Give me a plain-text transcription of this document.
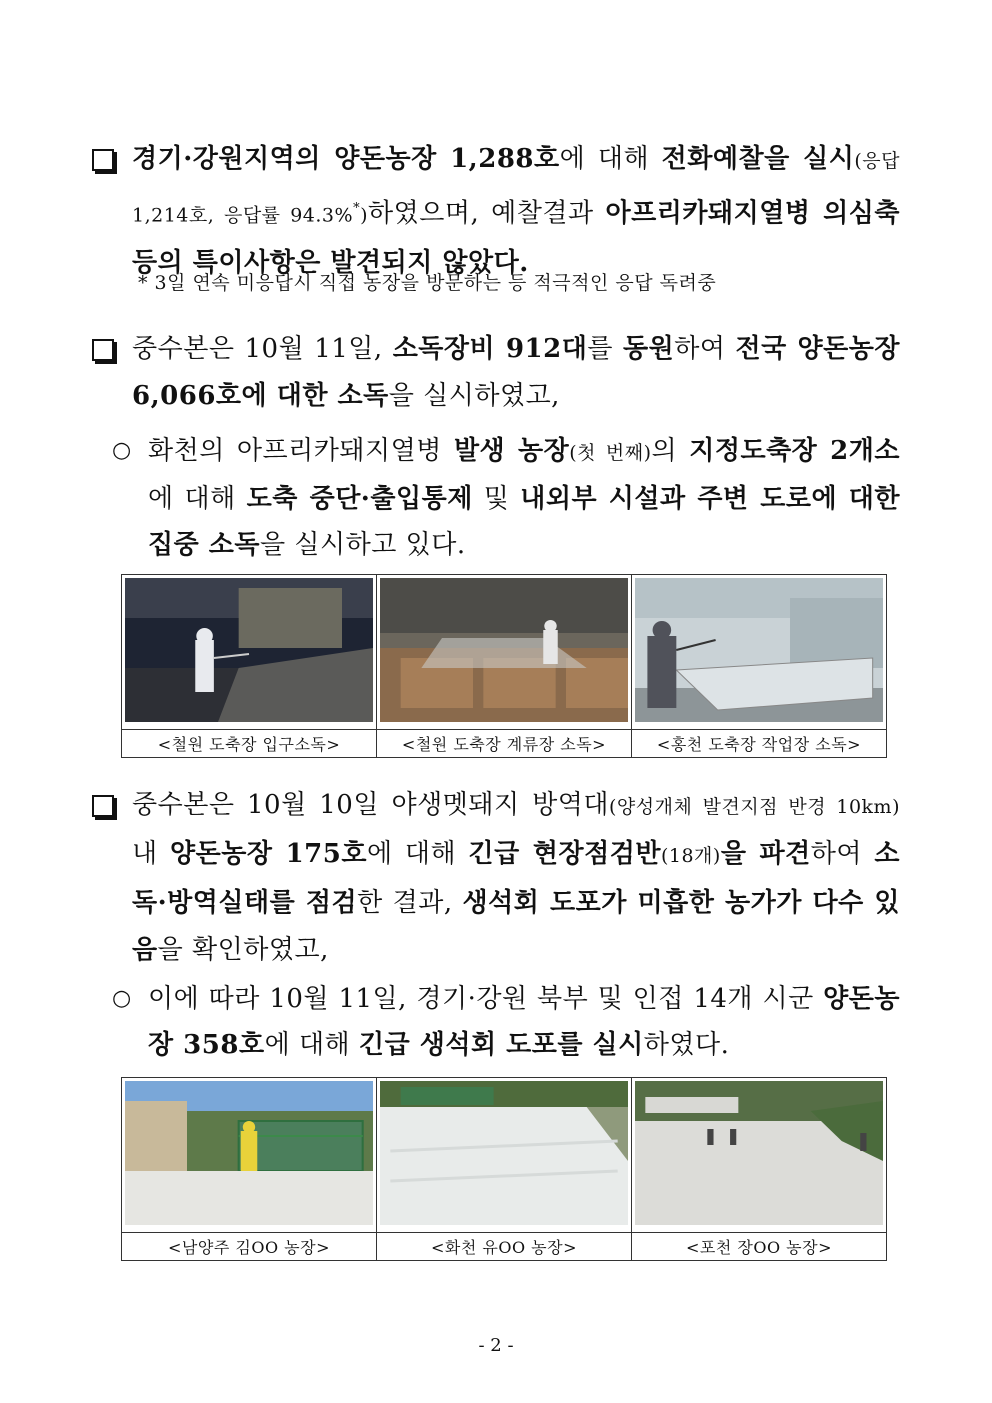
경기·강원지역의 양돈농장 1,288호에 대해 전화예찰을 실시(응답 1,214호, 응답률 94.3%*)하였으며, 예찰결과 아프리카돼지열병 의심축 등의 특이사항은 발견되지 않았다.
* 3일 연속 미응답시 직접 농장을 방문하는 등 적극적인 응답 독려중
중수본은 10월 11일, 소독장비 912대를 동원하여 전국 양돈농장 6,066호에 대한 소독을 실시하였고,
○ 화천의 아프리카돼지열병 발생 농장(첫 번째)의 지정도축장 2개소에 대해 도축 중단·출입통제 및 내외부 시설과 주변 도로에 대한 집중 소독을 실시하고 있다.

<철원 도축장 입구소독>	<철원 도축장 계류장 소독>	<홍천 도축장 작업장 소독>
중수본은 10월 10일 야생멧돼지 방역대(양성개체 발견지점 반경 10km) 내 양돈농장 175호에 대해 긴급 현장점검반(18개)을 파견하여 소독·방역실태를 점검한 결과, 생석회 도포가 미흡한 농가가 다수 있음을 확인하였고,
○ 이에 따라 10월 11일, 경기·강원 북부 및 인접 14개 시군 양돈농장 358호에 대해 긴급 생석회 도포를 실시하였다.

<남양주 김OO 농장>	<화천 유OO 농장>	<포천 장OO 농장>
- 2 -
